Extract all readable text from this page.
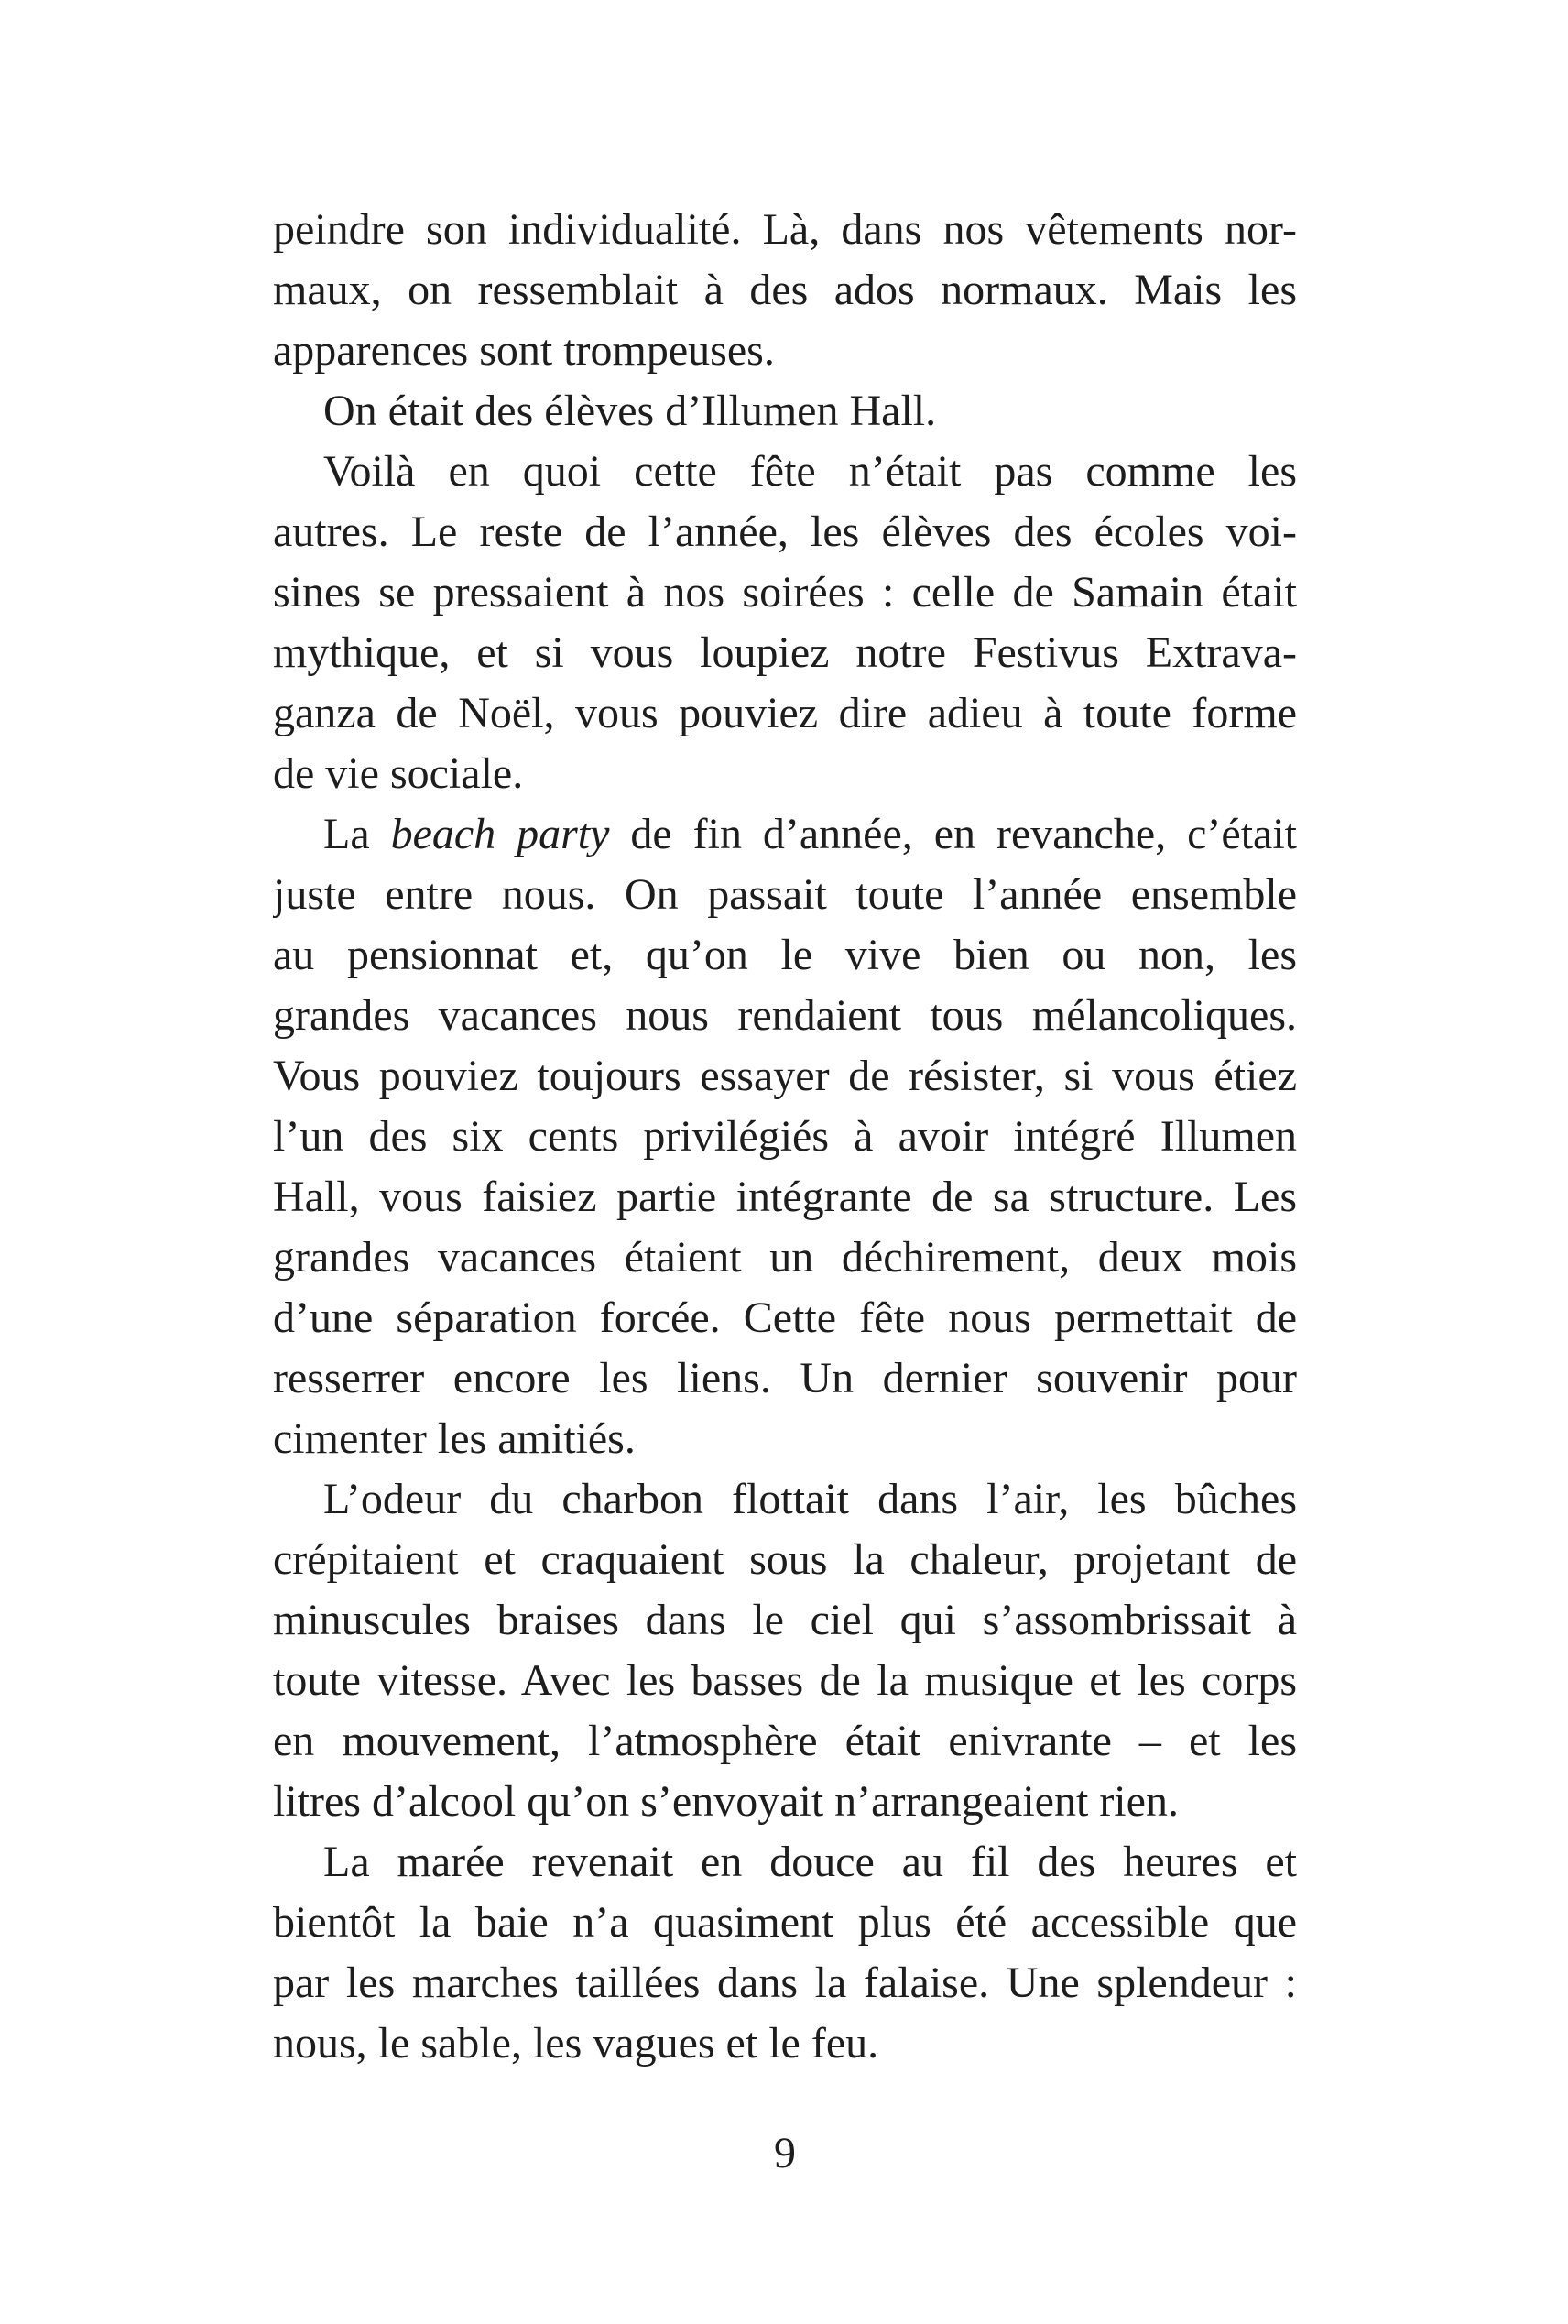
peindre son individualité. Là, dans nos vêtements nor-
maux, on ressemblait à des ados normaux. Mais les
apparences sont trompeuses.
On était des élèves d’Illumen Hall.
Voilà en quoi cette fête n’était pas comme les
autres. Le reste de l’année, les élèves des écoles voi-
sines se pressaient à nos soirées : celle de Samain était
mythique, et si vous loupiez notre Festivus Extrava-
ganza de Noël, vous pouviez dire adieu à toute forme
de vie sociale.
La beach party de fin d’année, en revanche, c’était
juste entre nous. On passait toute l’année ensemble
au pensionnat et, qu’on le vive bien ou non, les
grandes vacances nous rendaient tous mélancoliques.
Vous pouviez toujours essayer de résister, si vous étiez
l’un des six cents privilégiés à avoir intégré Illumen
Hall, vous faisiez partie intégrante de sa structure. Les
grandes vacances étaient un déchirement, deux mois
d’une séparation forcée. Cette fête nous permettait de
resserrer encore les liens. Un dernier souvenir pour
cimenter les amitiés.
L’odeur du charbon flottait dans l’air, les bûches
crépitaient et craquaient sous la chaleur, projetant de
minuscules braises dans le ciel qui s’assombrissait à
toute vitesse. Avec les basses de la musique et les corps
en mouvement, l’atmosphère était enivrante – et les
litres d’alcool qu’on s’envoyait n’arrangeaient rien.
La marée revenait en douce au fil des heures et
bientôt la baie n’a quasiment plus été accessible que
par les marches taillées dans la falaise. Une splendeur :
nous, le sable, les vagues et le feu.
9
